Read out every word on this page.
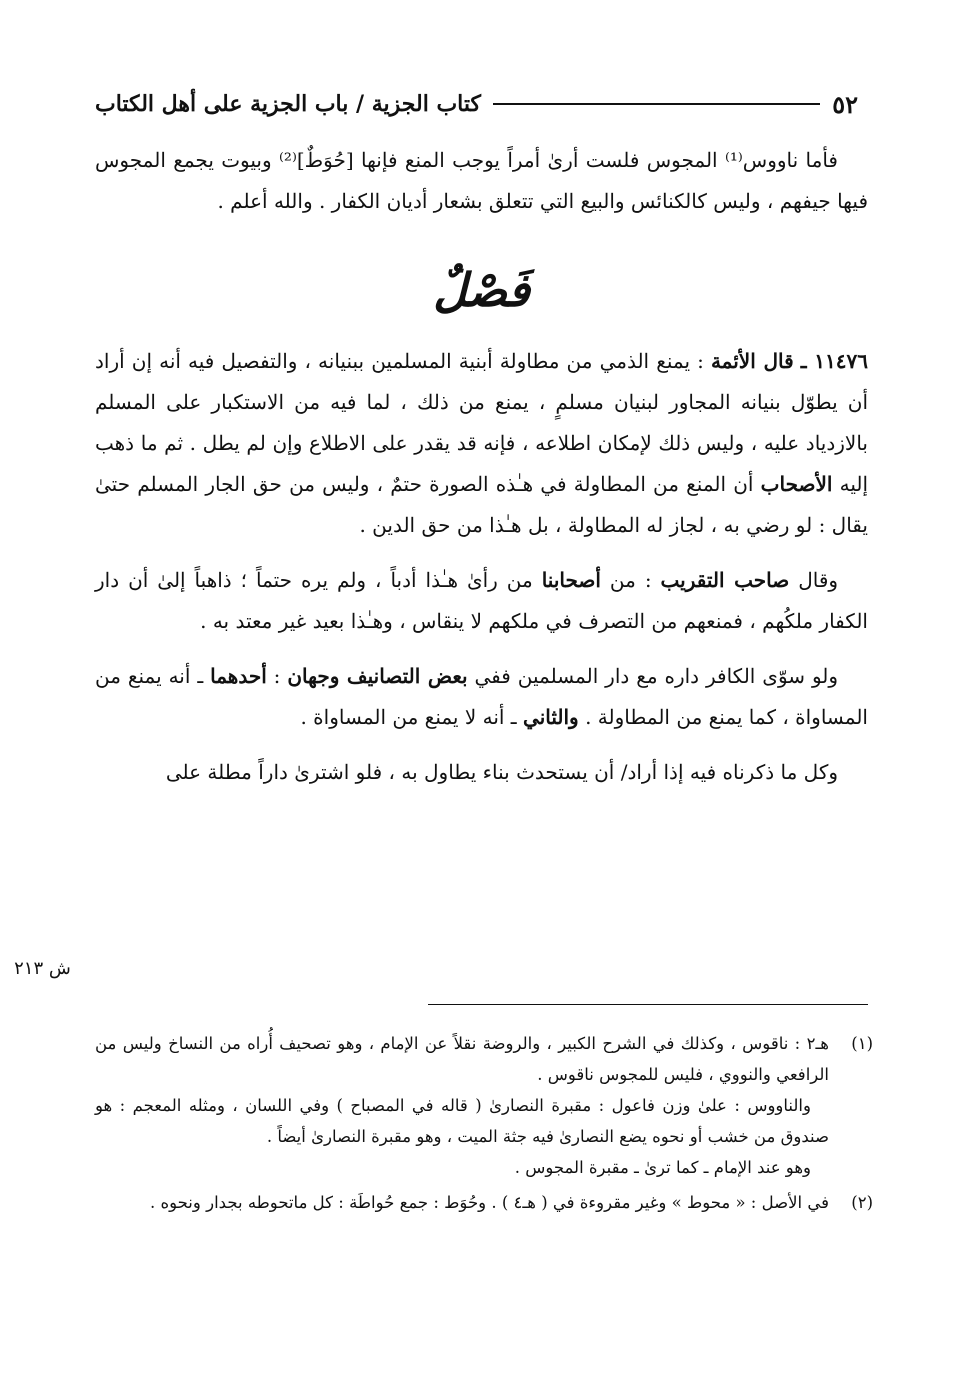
٥٢
كتاب الجزية / باب الجزية على أهل الكتاب

فأما ناووس⁽¹⁾ المجوس فلست أرىٰ أمراً يوجب المنع فإنها [حُوَطٌ]⁽²⁾ وبيوت يجمع المجوس فيها جيفهم ، وليس كالكنائس والبيع التي تتعلق بشعار أديان الكفار . والله أعلم .

فَصْلٌ

١١٤٧٦ ـ قال الأئمة : يمنع الذمي من مطاولة أبنية المسلمين ببنيانه ، والتفصيل فيه أنه إن أراد أن يطوّل بنيانه المجاور لبنيان مسلمٍ ، يمنع من ذلك ، لما فيه من الاستكبار على المسلم بالازدياد عليه ، وليس ذلك لإمكان اطلاعه ، فإنه قد يقدر على الاطلاع وإن لم يطل . ثم ما ذهب إليه الأصحاب أن المنع من المطاولة في هـٰذه الصورة حتمٌ ، وليس من حق الجار المسلم حتىٰ يقال : لو رضي به ، لجاز له المطاولة ، بل هـٰذا من حق الدين .

وقال صاحب التقريب : من أصحابنا من رأىٰ هـٰذا أدباً ، ولم يره حتماً ؛ ذاهباً إلىٰ أن دار الكفار ملكُهم ، فمنعهم من التصرف في ملكهم لا ينقاس ، وهـٰذا بعيد غير معتد به .

ولو سوّى الكافر داره مع دار المسلمين ففي بعض التصانيف وجهان : أحدهما ـ أنه يمنع من المساواة ، كما يمنع من المطاولة . والثاني ـ أنه لا يمنع من المساواة .

وكل ما ذكرناه فيه إذا أراد/ أن يستحدث بناء يطاول به ، فلو اشترىٰ داراً مطلة على

ش ٢١٣
(١)

هـ٢ : ناقوس ، وكذلك في الشرح الكبير ، والروضة نقلاً عن الإمام ، وهو تصحيف أُراه من النساخ وليس من الرافعي والنووي ، فليس للمجوس ناقوس .

والناووس : علىٰ وزن فاعول : مقبرة النصارىٰ ( قاله في المصباح ) وفي اللسان ، ومثله المعجم : هو صندوق من خشب أو نحوه يضع النصارىٰ فيه جثة الميت ، وهو مقبرة النصارىٰ أيضاً .

وهو عند الإمام ـ كما ترىٰ ـ مقبرة المجوس .

(٢)

في الأصل : « محوط » وغير مقروءة في ( هـ٤ ) . وحُوَط : جمع حُواطَة : كل ماتحوطه بجدار ونحوه .
